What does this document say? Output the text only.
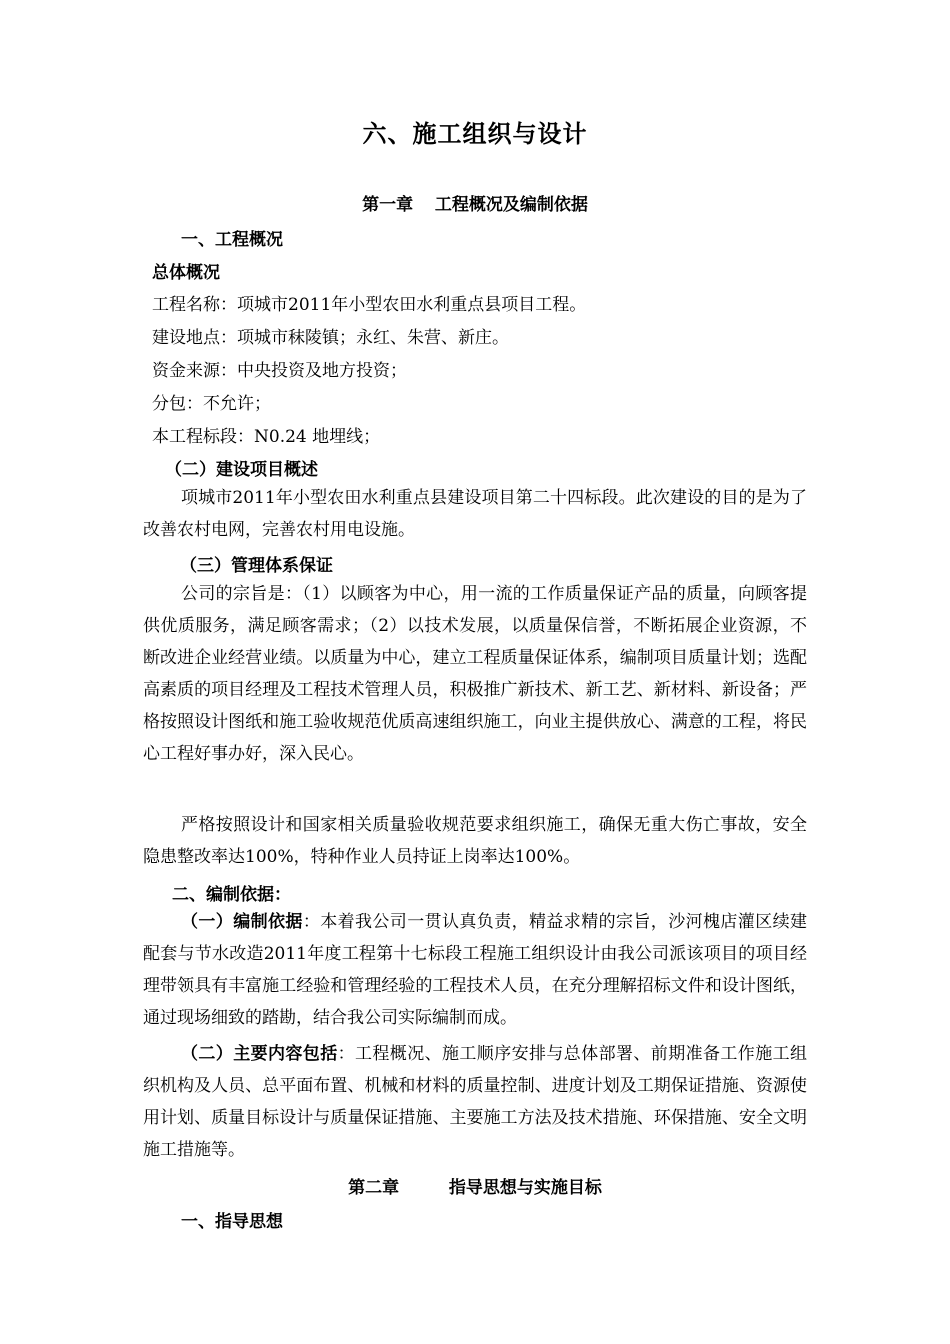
六、施工组织与设计
第一章 工程概况及编制依据
一、工程概况
总体概况
工程名称：项城市2011年小型农田水利重点县项目工程。
建设地点：项城市秣陵镇；永红、朱营、新庄。
资金来源：中央投资及地方投资；
分包：不允许；
本工程标段：N0.24 地埋线；
（二）建设项目概述
项城市2011年小型农田水利重点县建设项目第二十四标段。此次建设的目的是为了改善农村电网，完善农村用电设施。
（三）管理体系保证
公司的宗旨是：（1）以顾客为中心，用一流的工作质量保证产品的质量，向顾客提供优质服务，满足顾客需求；（2）以技术发展，以质量保信誉，不断拓展企业资源，不断改进企业经营业绩。以质量为中心，建立工程质量保证体系，编制项目质量计划；选配高素质的项目经理及工程技术管理人员，积极推广新技术、新工艺、新材料、新设备；严格按照设计图纸和施工验收规范优质高速组织施工，向业主提供放心、满意的工程，将民心工程好事办好，深入民心。
严格按照设计和国家相关质量验收规范要求组织施工，确保无重大伤亡事故，安全隐患整改率达100%，特种作业人员持证上岗率达100%。
二、编制依据：
（一）编制依据：本着我公司一贯认真负责，精益求精的宗旨，沙河槐店灌区续建配套与节水改造2011年度工程第十七标段工程施工组织设计由我公司派该项目的项目经理带领具有丰富施工经验和管理经验的工程技术人员，在充分理解招标文件和设计图纸，通过现场细致的踏勘，结合我公司实际编制而成。
（二）主要内容包括：工程概况、施工顺序安排与总体部署、前期准备工作施工组织机构及人员、总平面布置、机械和材料的质量控制、进度计划及工期保证措施、资源使用计划、质量目标设计与质量保证措施、主要施工方法及技术措施、环保措施、安全文明施工措施等。
第二章	指导思想与实施目标
一、指导思想
